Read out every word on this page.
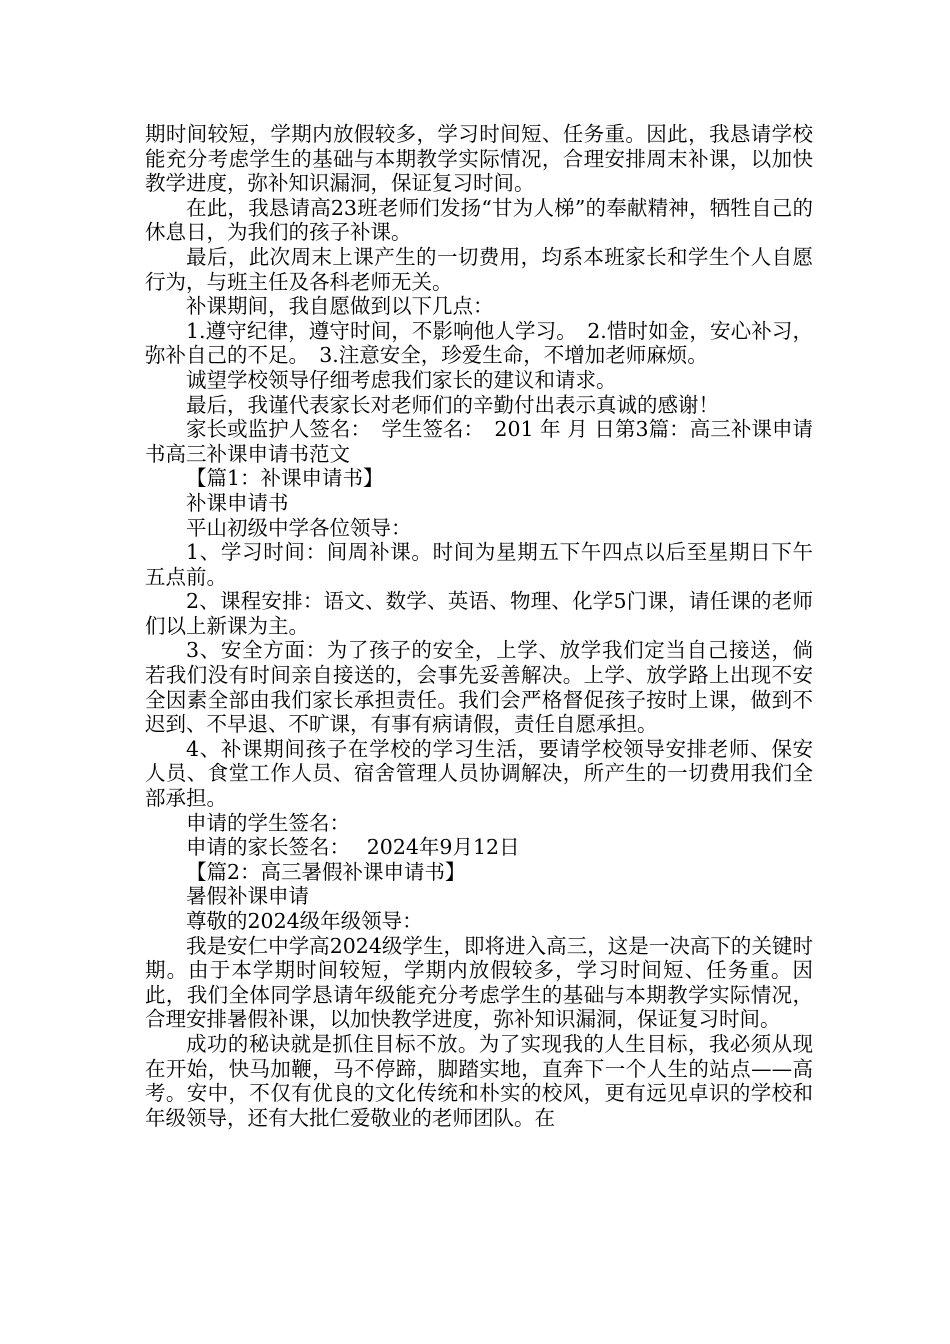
期时间较短，学期内放假较多，学习时间短、任务重。因此，我恳请学校能充分考虑学生的基础与本期教学实际情况，合理安排周末补课，以加快教学进度，弥补知识漏洞，保证复习时间。

在此，我恳请高23班老师们发扬“甘为人梯”的奉献精神，牺牲自己的休息日，为我们的孩子补课。

最后，此次周末上课产生的一切费用，均系本班家长和学生个人自愿行为，与班主任及各科老师无关。

补课期间，我自愿做到以下几点：

1.遵守纪律，遵守时间，不影响他人学习。　2.惜时如金，安心补习，弥补自己的不足。　3.注意安全，珍爱生命，不增加老师麻烦。

诚望学校领导仔细考虑我们家长的建议和请求。

最后，我谨代表家长对老师们的辛勤付出表示真诚的感谢！

家长或监护人签名：　学生签名：　201 年 月 日第3篇：高三补课申请书高三补课申请书范文

【篇1：补课申请书】

补课申请书

平山初级中学各位领导：

1、学习时间：间周补课。时间为星期五下午四点以后至星期日下午五点前。

2、课程安排：语文、数学、英语、物理、化学5门课，请任课的老师们以上新课为主。

3、安全方面：为了孩子的安全，上学、放学我们定当自己接送，倘若我们没有时间亲自接送的，会事先妥善解决。上学、放学路上出现不安全因素全部由我们家长承担责任。我们会严格督促孩子按时上课，做到不迟到、不早退、不旷课，有事有病请假，责任自愿承担。

4、补课期间孩子在学校的学习生活，要请学校领导安排老师、保安人员、食堂工作人员、宿舍管理人员协调解决，所产生的一切费用我们全部承担。

申请的学生签名：

申请的家长签名：　 2024年9月12日

【篇2：高三暑假补课申请书】

暑假补课申请

尊敬的2024级年级领导：

我是安仁中学高2024级学生，即将进入高三，这是一决高下的关键时期。由于本学期时间较短，学期内放假较多，学习时间短、任务重。因此，我们全体同学恳请年级能充分考虑学生的基础与本期教学实际情况，合理安排暑假补课，以加快教学进度，弥补知识漏洞，保证复习时间。

成功的秘诀就是抓住目标不放。为了实现我的人生目标，我必须从现在开始，快马加鞭，马不停蹄，脚踏实地，直奔下一个人生的站点——高考。安中，不仅有优良的文化传统和朴实的校风，更有远见卓识的学校和年级领导，还有大批仁爱敬业的老师团队。在
